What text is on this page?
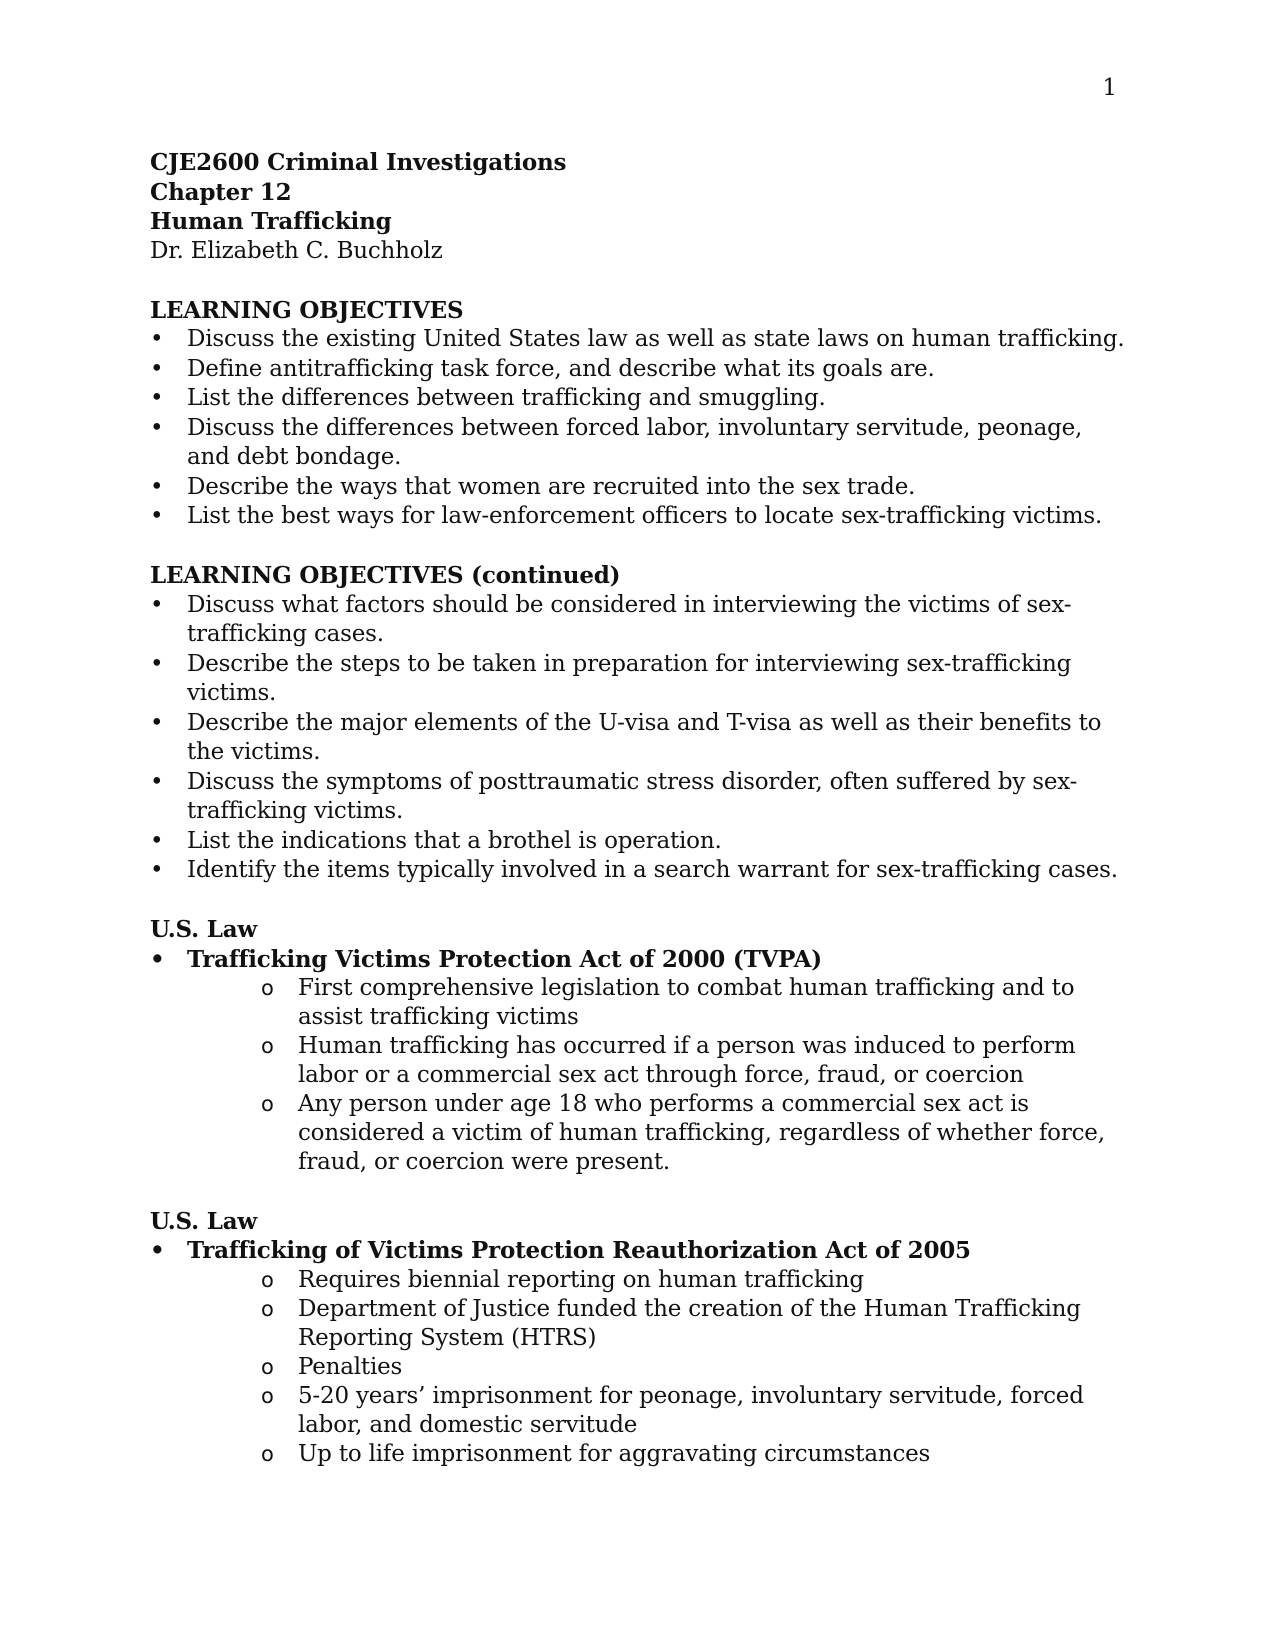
1
CJE2600 Criminal Investigations
Chapter 12
Human Trafficking
Dr. Elizabeth C. Buchholz
LEARNING OBJECTIVES
• Discuss the existing United States law as well as state laws on human trafficking.
• Define antitrafficking task force, and describe what its goals are.
• List the differences between trafficking and smuggling.
• Discuss the differences between forced labor, involuntary servitude, peonage, and debt bondage.
• Describe the ways that women are recruited into the sex trade.
• List the best ways for law-enforcement officers to locate sex-trafficking victims.
LEARNING OBJECTIVES (continued)
• Discuss what factors should be considered in interviewing the victims of sex-trafficking cases.
• Describe the steps to be taken in preparation for interviewing sex-trafficking victims.
• Describe the major elements of the U-visa and T-visa as well as their benefits to the victims.
• Discuss the symptoms of posttraumatic stress disorder, often suffered by sex-trafficking victims.
• List the indications that a brothel is operation.
• Identify the items typically involved in a search warrant for sex-trafficking cases.
U.S. Law
• Trafficking Victims Protection Act of 2000 (TVPA)
o First comprehensive legislation to combat human trafficking and to assist trafficking victims
o Human trafficking has occurred if a person was induced to perform labor or a commercial sex act through force, fraud, or coercion
o Any person under age 18 who performs a commercial sex act is considered a victim of human trafficking, regardless of whether force, fraud, or coercion were present.
U.S. Law
• Trafficking of Victims Protection Reauthorization Act of 2005
o Requires biennial reporting on human trafficking
o Department of Justice funded the creation of the Human Trafficking Reporting System (HTRS)
o Penalties
o 5-20 years’ imprisonment for peonage, involuntary servitude, forced labor, and domestic servitude
o Up to life imprisonment for aggravating circumstances
